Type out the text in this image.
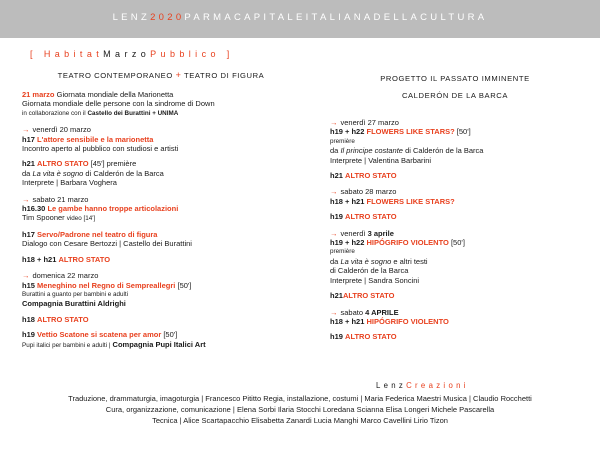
LENZ2020PARMACAPITALEITALIANADELLACULTURA
[ HabitatMarzoPubblico ]
TEATRO CONTEMPORANEO + TEATRO DI FIGURA
21 marzo Giornata mondiale della Marionetta
Giornata mondiale delle persone con la sindrome di Down
in collaborazione con il Castello dei Burattini + UNIMA
→ venerdì 20 marzo
h17 L'attore sensibile e la marionetta
Incontro aperto al pubblico con studiosi e artisti
h21 ALTRO STATO [45'] première
da La vita è sogno di Calderón de la Barca
Interprete | Barbara Voghera
→ sabato 21 marzo
h16.30 Le gambe hanno troppe articolazioni
Tim Spooner video [14']
h17 Servo/Padrone nel teatro di figura
Dialogo con Cesare Bertozzi | Castello dei Burattini
h18 + h21 ALTRO STATO
→ domenica 22 marzo
h15 Meneghino nel Regno di Sempreallegri [50']
Burattini a guanto per bambini e adulti
Compagnia Burattini Aldrighi
h18 ALTRO STATO
h19 Vettio Scatone si scatena per amor [50']
Pupi italici per bambini e adulti | Compagnia Pupi Italici Art
PROGETTO IL PASSATO IMMINENTE
CALDERÓN DE LA BARCA
→ venerdì 27 marzo
h19 + h22 FLOWERS LIKE STARS? [50']
première
da Il principe costante di Calderón de la Barca
Interprete | Valentina Barbarini
h21 ALTRO STATO
→ sabato 28 marzo
h18 + h21 FLOWERS LIKE STARS?
h19 ALTRO STATO
→ venerdì 3 aprile
h19 + h22 HIPÓGRIFO VIOLENTO [50']
première
da La vita è sogno e altri testi
di Calderón de la Barca
Interprete | Sandra Soncini
h21ALTRO STATO
→ sabato 4 APRILE
h18 + h21 HIPÓGRIFO VIOLENTO
h19 ALTRO STATO
LenzCreazioni
Traduzione, drammaturgia, imagoturgia | Francesco Pititto Regia, installazione, costumi | Maria Federica Maestri Musica | Claudio Rocchetti
Cura, organizzazione, comunicazione | Elena Sorbi Ilaria Stocchi Loredana Scianna Elisa Longeri Michele Pascarella
Tecnica | Alice Scartapacchio Elisabetta Zanardi Lucia Manghi Marco Cavellini Lirio Tizon
